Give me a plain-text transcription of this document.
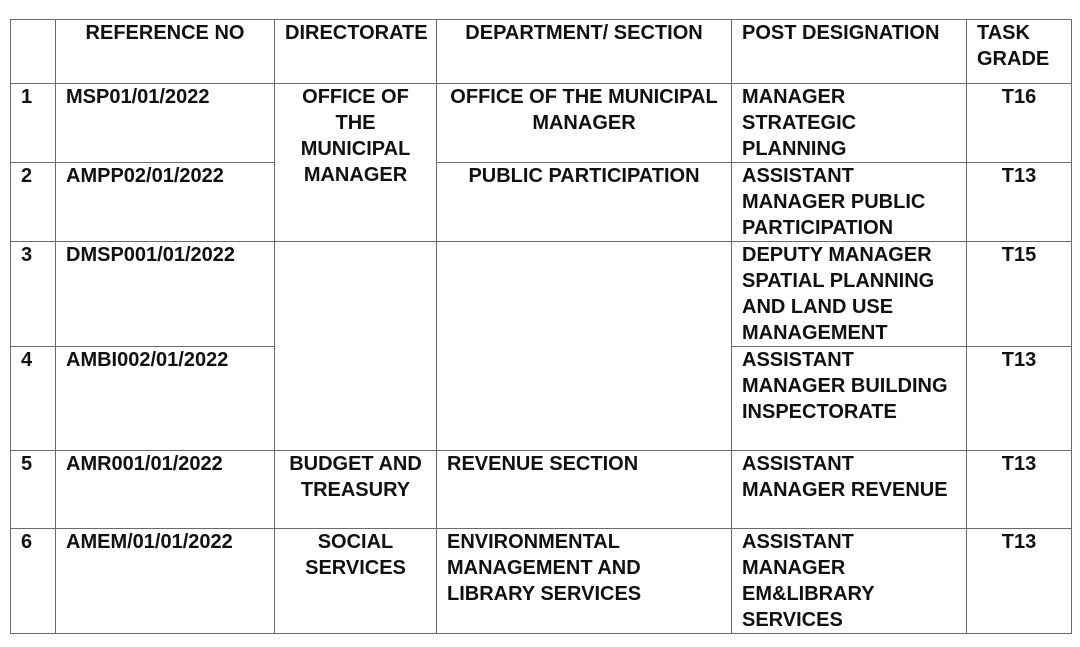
	REFERENCE NO	DIRECTORATE	DEPARTMENT/ SECTION	POST DESIGNATION	TASK GRADE
1	MSP01/01/2022	OFFICE OF THE MUNICIPAL MANAGER	OFFICE OF THE MUNICIPAL MANAGER	MANAGER STRATEGIC PLANNING	T16
2	AMPP02/01/2022		PUBLIC PARTICIPATION	ASSISTANT MANAGER PUBLIC PARTICIPATION	T13
3	DMSP001/01/2022			DEPUTY MANAGER SPATIAL PLANNING AND LAND USE MANAGEMENT	T15
4	AMBI002/01/2022			ASSISTANT MANAGER BUILDING INSPECTORATE	T13
5	AMR001/01/2022	BUDGET AND TREASURY	REVENUE SECTION	ASSISTANT MANAGER REVENUE	T13
6	AMEM/01/01/2022	SOCIAL SERVICES	ENVIRONMENTAL MANAGEMENT AND LIBRARY SERVICES	ASSISTANT MANAGER EM&LIBRARY SERVICES	T13
